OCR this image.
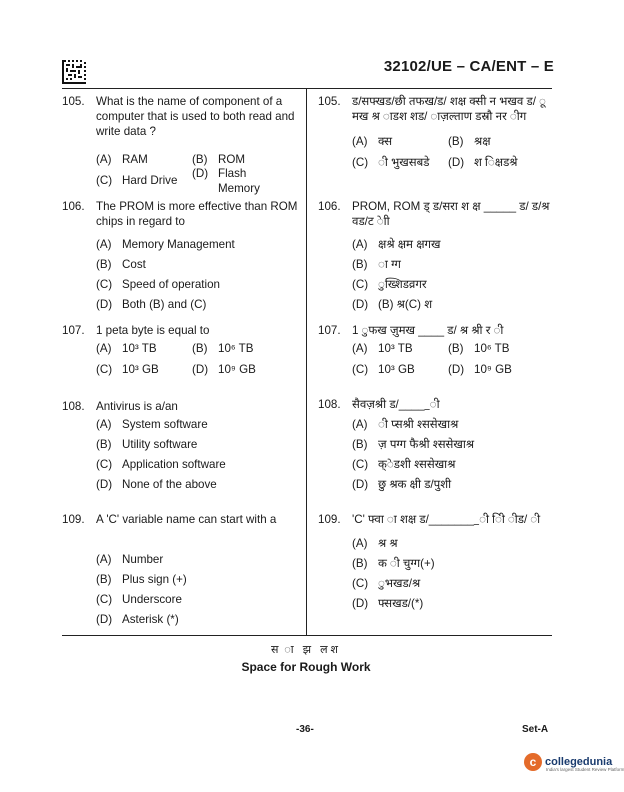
32102/UE – CA/ENT – E
105. What is the name of component of a computer that is used to both read and write data ?
(A) RAM	(B) ROM
(C) Hard Drive
(D) Flash Memory
106. The PROM is more effective than ROM chips in regard to
(A) Memory Management
(B) Cost
(C) Speed of operation
(D) Both (B) and (C)
107. 1 peta byte is equal to
(A) 10³ TB	(B) 10⁶ TB
(C) 10³ GB	(D) 10⁹ GB
108. Antivirus is a/an
(A) System software
(B) Utility software
(C) Application software
(D) None of the above
109. A 'C' variable name can start with a
(A) Number
(B) Plus sign (+)
(C) Underscore
(D) Asterisk (*)
105. ड/सफ्खड/छी तफख/ड/ शक्ष क्सी न भखव ड/ ू मख श्र ाडश शड/ ाज़ल्ताण डस्रौ नर ीग
(A) क्स	(B) श्रक्ष
(C) ी भुखसबडे (D) श िक्षडश्रे
106. PROM, ROM ड् ड/सरा श क्ष _____ ड/ ड/श्र वड/ट ेाी
(A) क्षश्रे क्षम क्षगख
(B) ा ग्ग
(C) ुख्शिडव्रगर
(D) (B) श्र(C) श
107. 1 ुफख ज़ुमख ____ ड/ श्र श्री र ी
(A) 10³ TB	(B) 10⁶ TB
(C) 10³ GB	(D) 10⁹ GB
108. सैवज़श्री ड/_____ी
(A) ी प्सश्री श्ससेखाश्र
(B) ज़ पग्ग फैश्री श्ससेखाश्र
(C) क्ेडशी श्ससेखाश्र
(D) छु श्रक क्षी ड/पुशी
109. 'C' फ्वा ा शक्ष ड/________ी िी ीड/ ी
(A) श्र श्र
(B) क ी चुग्ग(+)
(C) ुभखड/श्र
(D) फ्सखड/(*)
स ा झ लश
Space for Rough Work
-36-	Set-A
c collegedunia
India's largest Student Review Platform
